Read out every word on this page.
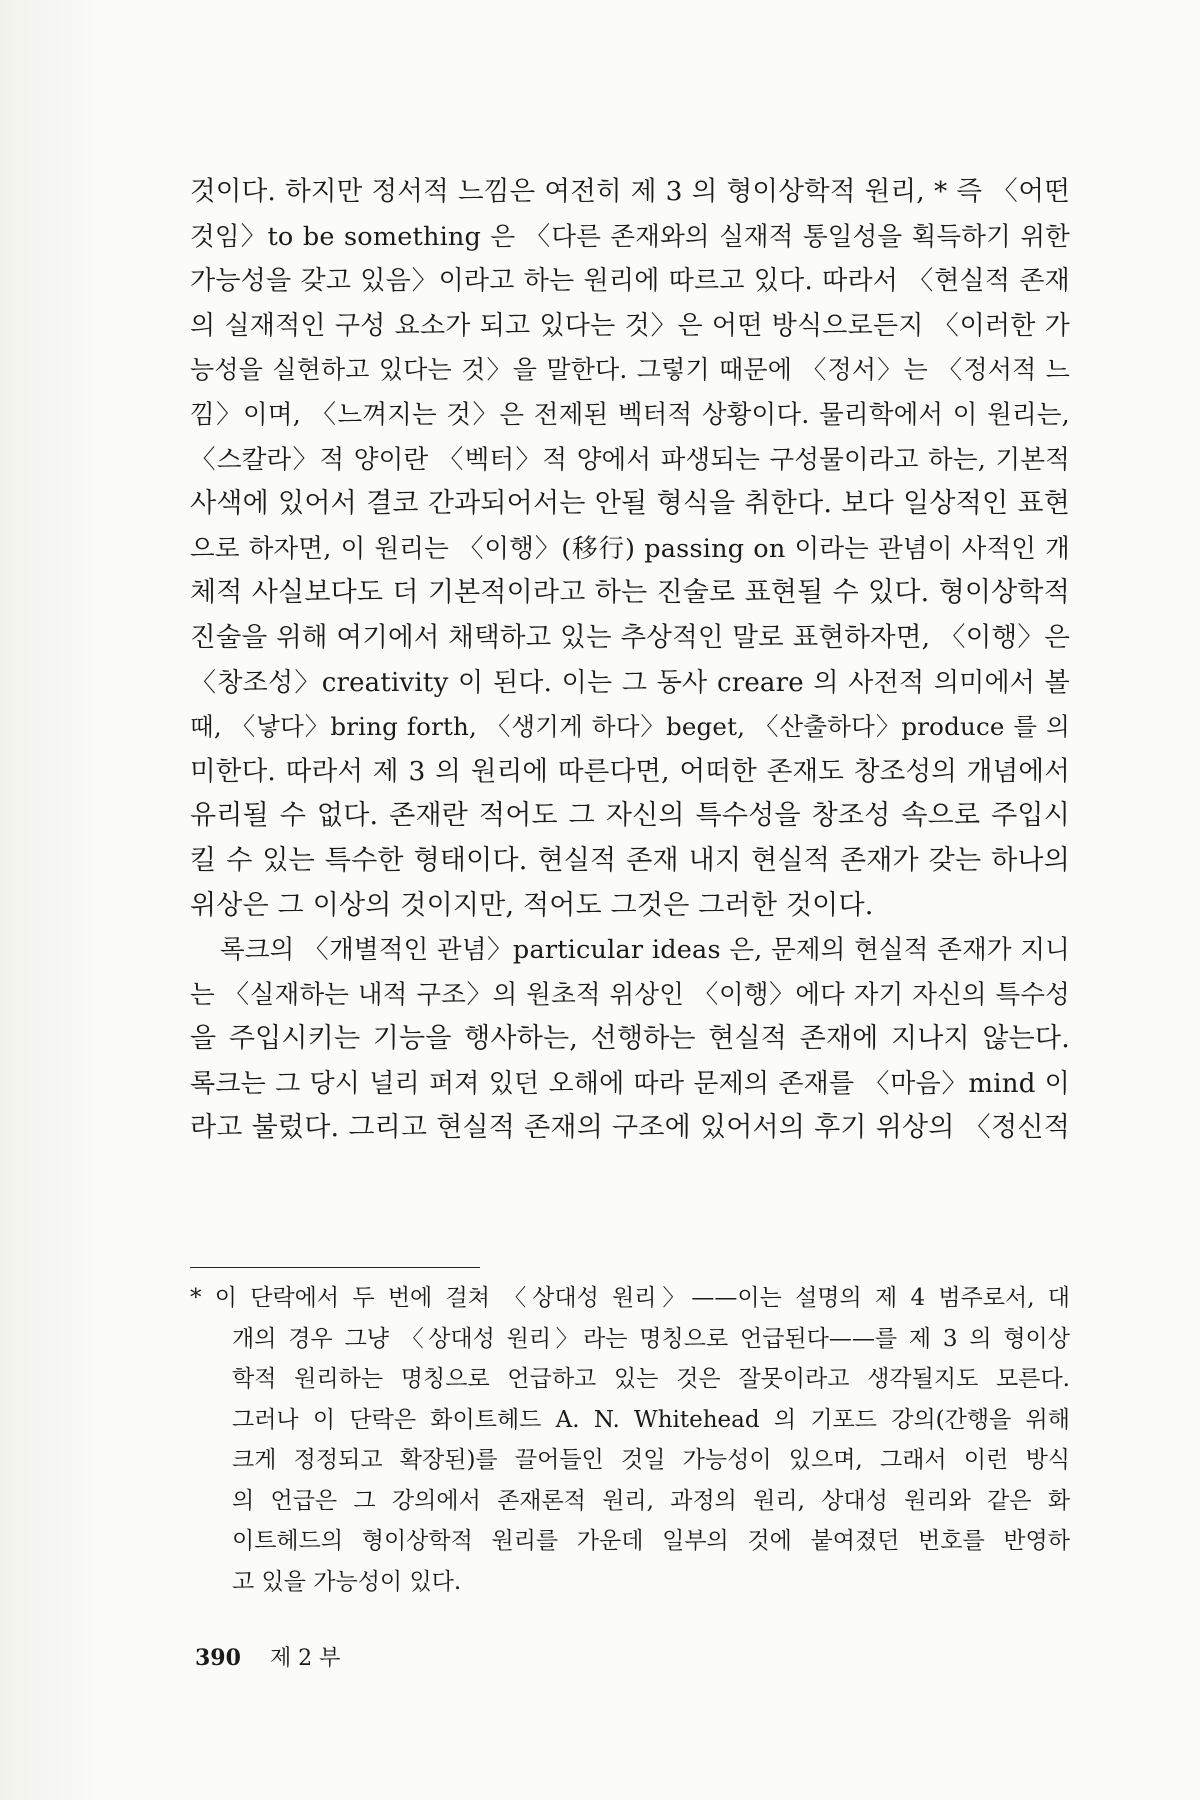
것이다. 하지만 정서적 느낌은 여전히 제 3 의 형이상학적 원리, * 즉 〈어떤
것임〉to be something 은 〈다른 존재와의 실재적 통일성을 획득하기 위한
가능성을 갖고 있음〉이라고 하는 원리에 따르고 있다. 따라서 〈현실적 존재
의 실재적인 구성 요소가 되고 있다는 것〉은 어떤 방식으로든지 〈이러한 가
능성을 실현하고 있다는 것〉을 말한다. 그렇기 때문에 〈정서〉는 〈정서적 느
낌〉이며, 〈느껴지는 것〉은 전제된 벡터적 상황이다. 물리학에서 이 원리는,
〈스칼라〉적 양이란 〈벡터〉적 양에서 파생되는 구성물이라고 하는, 기본적
사색에 있어서 결코 간과되어서는 안될 형식을 취한다. 보다 일상적인 표현
으로 하자면, 이 원리는 〈이행〉(移行) passing on 이라는 관념이 사적인 개
체적 사실보다도 더 기본적이라고 하는 진술로 표현될 수 있다. 형이상학적
진술을 위해 여기에서 채택하고 있는 추상적인 말로 표현하자면, 〈이행〉은
〈창조성〉creativity 이 된다. 이는 그 동사 creare 의 사전적 의미에서 볼
때, 〈낳다〉bring forth, 〈생기게 하다〉beget, 〈산출하다〉produce 를 의
미한다. 따라서 제 3 의 원리에 따른다면, 어떠한 존재도 창조성의 개념에서
유리될 수 없다. 존재란 적어도 그 자신의 특수성을 창조성 속으로 주입시
킬 수 있는 특수한 형태이다. 현실적 존재 내지 현실적 존재가 갖는 하나의
위상은 그 이상의 것이지만, 적어도 그것은 그러한 것이다.
록크의 〈개별적인 관념〉particular ideas 은, 문제의 현실적 존재가 지니
는 〈실재하는 내적 구조〉의 원초적 위상인 〈이행〉에다 자기 자신의 특수성
을 주입시키는 기능을 행사하는, 선행하는 현실적 존재에 지나지 않는다.
록크는 그 당시 널리 퍼져 있던 오해에 따라 문제의 존재를 〈마음〉mind 이
라고 불렀다. 그리고 현실적 존재의 구조에 있어서의 후기 위상의 〈정신적
* 이 단락에서 두 번에 걸쳐 〈상대성 원리〉——이는 설명의 제 4 범주로서, 대
개의 경우 그냥 〈상대성 원리〉라는 명칭으로 언급된다——를 제 3 의 형이상
학적 원리하는 명칭으로 언급하고 있는 것은 잘못이라고 생각될지도 모른다.
그러나 이 단락은 화이트헤드 A. N. Whitehead 의 기포드 강의(간행을 위해
크게 정정되고 확장된)를 끌어들인 것일 가능성이 있으며, 그래서 이런 방식
의 언급은 그 강의에서 존재론적 원리, 과정의 원리, 상대성 원리와 같은 화
이트헤드의 형이상학적 원리를 가운데 일부의 것에 붙여졌던 번호를 반영하
고 있을 가능성이 있다.
390 제 2 부
